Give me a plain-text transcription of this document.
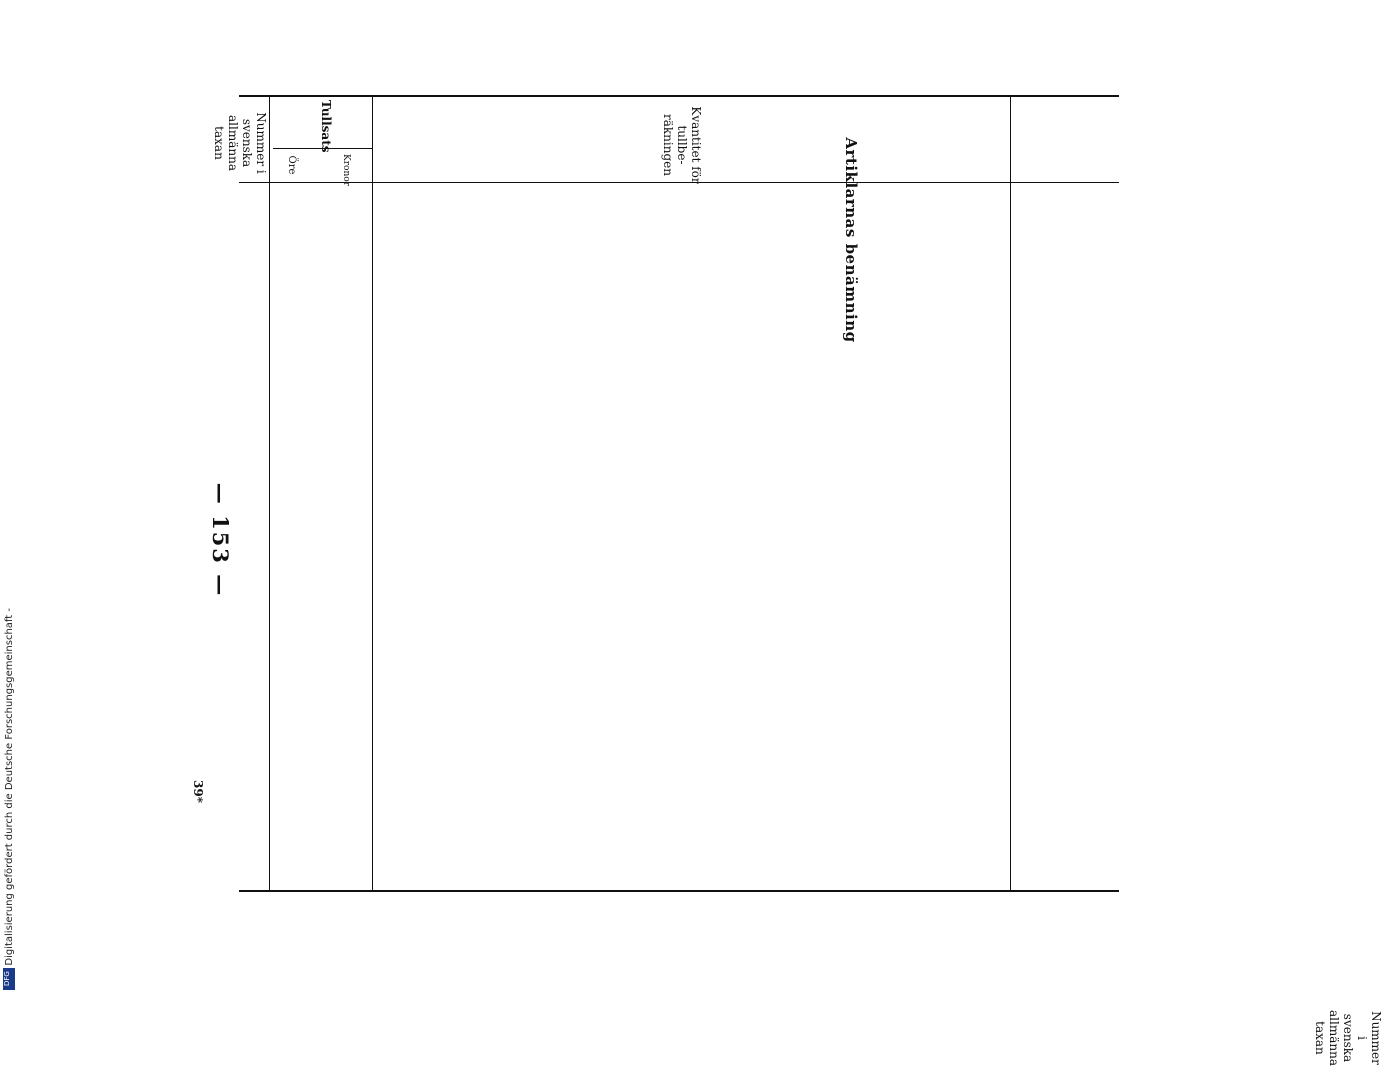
— 153 —
39*
Nummer i svenska allmänna taxan
Nummer i svenska allmänna taxan	Artiklarnas benämning
Kvantitet för tullbe- räkningen
Tullsats
Kronor
Öre
Digitalisierung gefördert durch die Deutsche Forschungsgemeinschaft -
DFG
